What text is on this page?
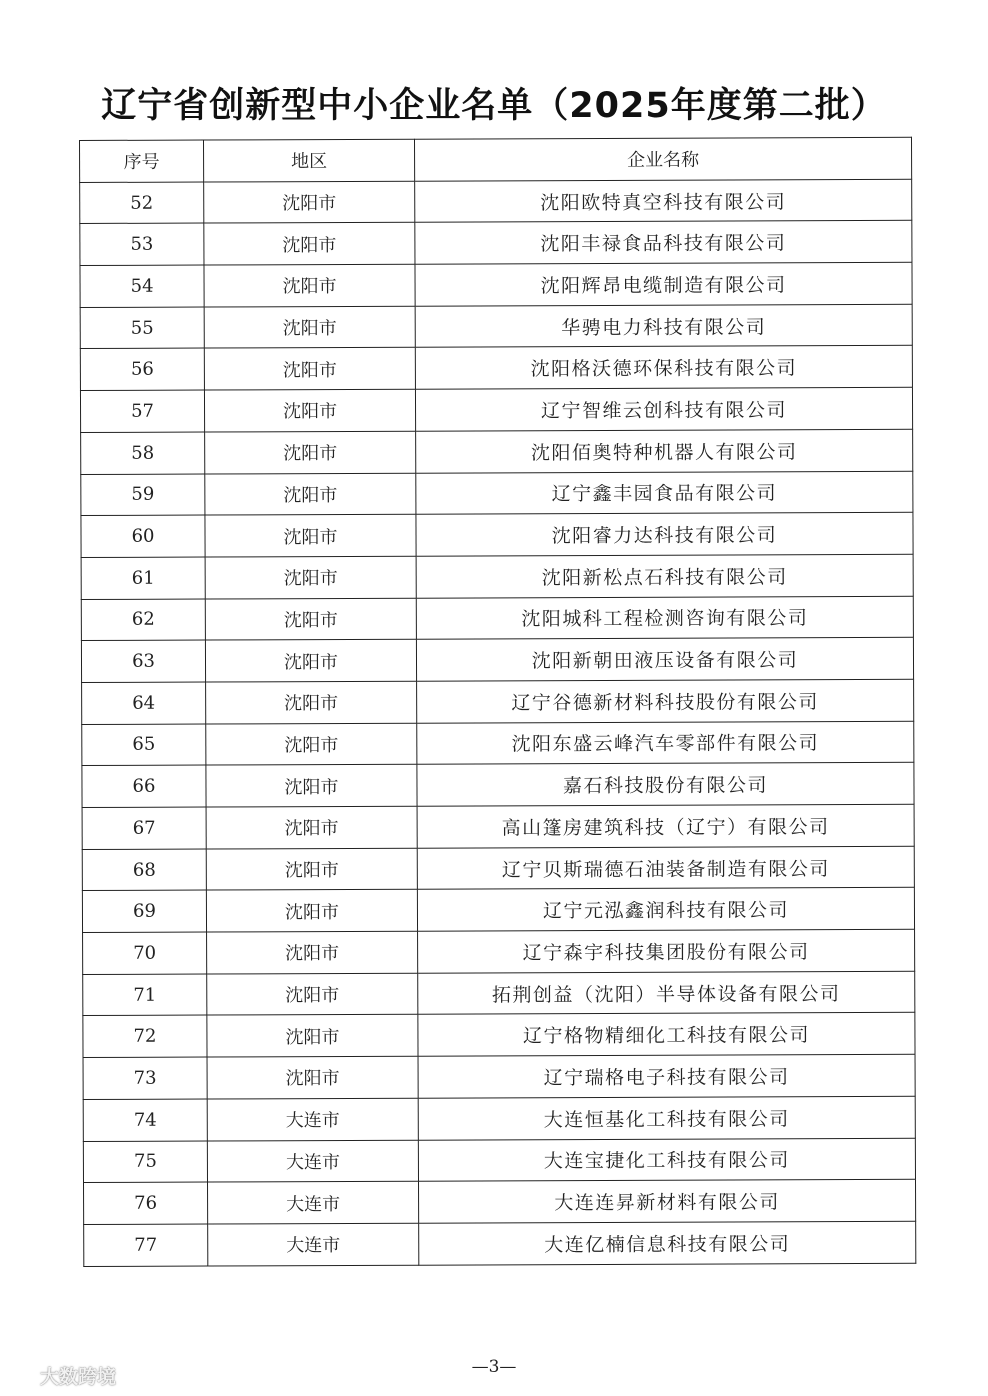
辽宁省创新型中小企业名单（2025年度第二批）
序号	地区	企业名称
52	沈阳市	沈阳欧特真空科技有限公司
53	沈阳市	沈阳丰禄食品科技有限公司
54	沈阳市	沈阳辉昂电缆制造有限公司
55	沈阳市	华骋电力科技有限公司
56	沈阳市	沈阳格沃德环保科技有限公司
57	沈阳市	辽宁智维云创科技有限公司
58	沈阳市	沈阳佰奥特种机器人有限公司
59	沈阳市	辽宁鑫丰园食品有限公司
60	沈阳市	沈阳睿力达科技有限公司
61	沈阳市	沈阳新松点石科技有限公司
62	沈阳市	沈阳城科工程检测咨询有限公司
63	沈阳市	沈阳新朝田液压设备有限公司
64	沈阳市	辽宁谷德新材料科技股份有限公司
65	沈阳市	沈阳东盛云峰汽车零部件有限公司
66	沈阳市	嘉石科技股份有限公司
67	沈阳市	高山篷房建筑科技（辽宁）有限公司
68	沈阳市	辽宁贝斯瑞德石油装备制造有限公司
69	沈阳市	辽宁元泓鑫润科技有限公司
70	沈阳市	辽宁森宇科技集团股份有限公司
71	沈阳市	拓荆创益（沈阳）半导体设备有限公司
72	沈阳市	辽宁格物精细化工科技有限公司
73	沈阳市	辽宁瑞格电子科技有限公司
74	大连市	大连恒基化工科技有限公司
75	大连市	大连宝捷化工科技有限公司
76	大连市	大连连昇新材料有限公司
77	大连市	大连亿楠信息科技有限公司
—3—
大数跨境
